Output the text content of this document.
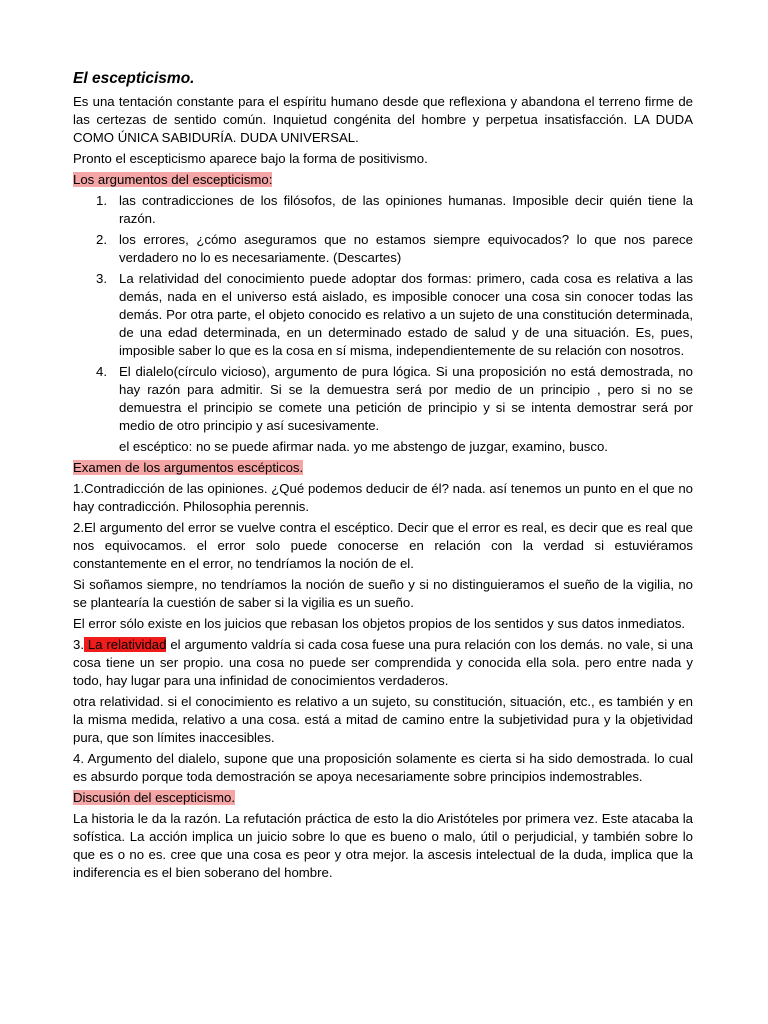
El escepticismo.

Es una tentación constante para el espíritu humano desde que reflexiona y abandona el terreno firme de las certezas de sentido común. Inquietud congénita del hombre y perpetua insatisfacción. LA DUDA COMO ÚNICA SABIDURÍA. DUDA UNIVERSAL.

Pronto el escepticismo aparece bajo la forma de positivismo.

Los argumentos del escepticismo:
1. las contradicciones de los filósofos, de las opiniones humanas. Imposible decir quién tiene la razón.
2. los errores, ¿cómo aseguramos que no estamos siempre equivocados? lo que nos parece verdadero no lo es necesariamente. (Descartes)
3. La relatividad del conocimiento puede adoptar dos formas: primero, cada cosa es relativa a las demás, nada en el universo está aislado, es imposible conocer una cosa sin conocer todas las demás. Por otra parte, el objeto conocido es relativo a un sujeto de una constitución determinada, de una edad determinada, en un determinado estado de salud y de una situación. Es, pues, imposible saber lo que es la cosa en sí misma, independientemente de su relación con nosotros.
4. El dialelo(círculo vicioso), argumento de pura lógica. Si una proposición no está demostrada, no hay razón para admitir. Si se la demuestra será por medio de un principio , pero si no se demuestra el principio se comete una petición de principio y si se intenta demostrar será por medio de otro principio y así sucesivamente.

el escéptico: no se puede afirmar nada. yo me abstengo de juzgar, examino, busco.

Examen de los argumentos escépticos.

1.Contradicción de las opiniones. ¿Qué podemos deducir de él? nada. así tenemos un punto en el que no hay contradicción. Philosophia perennis.

2.El argumento del error se vuelve contra el escéptico. Decir que el error es real, es decir que es real que nos equivocamos. el error solo puede conocerse en relación con la verdad si estuviéramos constantemente en el error, no tendríamos la noción de el.

Si soñamos siempre, no tendríamos la noción de sueño y si no distinguieramos el sueño de la vigilia, no se plantearía la cuestión de saber si la vigilia es un sueño.

El error sólo existe en los juicios que rebasan los objetos propios de los sentidos y sus datos inmediatos.

3. La relatividad el argumento valdría si cada cosa fuese una pura relación con los demás. no vale, si una cosa tiene un ser propio. una cosa no puede ser comprendida y conocida ella sola. pero entre nada y todo, hay lugar para una infinidad de conocimientos verdaderos.

otra relatividad. si el conocimiento es relativo a un sujeto, su constitución, situación, etc., es también y en la misma medida, relativo a una cosa. está a mitad de camino entre la subjetividad pura y la objetividad pura, que son límites inaccesibles.

4. Argumento del dialelo, supone que una proposición solamente es cierta si ha sido demostrada. lo cual es absurdo porque toda demostración se apoya necesariamente sobre principios indemostrables.

Discusión del escepticismo.

La historia le da la razón. La refutación práctica de esto la dio Aristóteles por primera vez. Este atacaba la sofística. La acción implica un juicio sobre lo que es bueno o malo, útil o perjudicial, y también sobre lo que es o no es. cree que una cosa es peor y otra mejor. la ascesis intelectual de la duda, implica que la indiferencia es el bien soberano del hombre.
